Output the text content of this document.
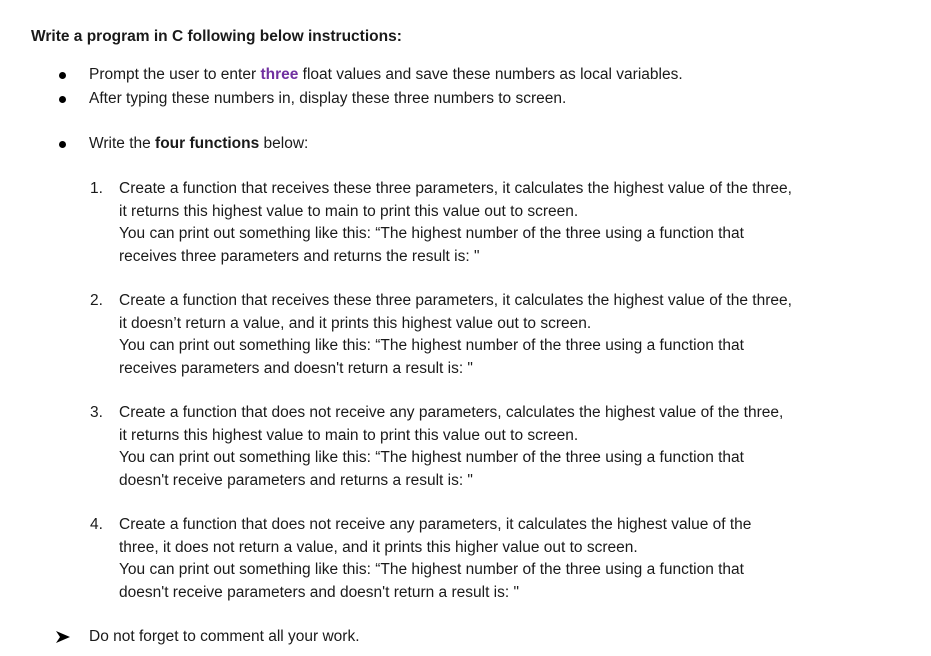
Write a program in C following below instructions:
Prompt the user to enter three float values and save these numbers as local variables.
After typing these numbers in, display these three numbers to screen.
Write the four functions below:
1. Create a function that receives these three parameters, it calculates the highest value of the three,
it returns this highest value to main to print this value out to screen.
You can print out something like this: “The highest number of the three using a function that
receives three parameters and returns the result is: "
2. Create a function that receives these three parameters, it calculates the highest value of the three,
it doesn’t return a value, and it prints this highest value out to screen.
You can print out something like this: “The highest number of the three using a function that
receives parameters and doesn't return a result is: "
3. Create a function that does not receive any parameters, calculates the highest value of the three,
it returns this highest value to main to print this value out to screen.
You can print out something like this: “The highest number of the three using a function that
doesn't receive parameters and returns a result is: "
4. Create a function that does not receive any parameters, it calculates the highest value of the
three, it does not return a value, and it prints this higher value out to screen.
You can print out something like this: “The highest number of the three using a function that
doesn't receive parameters and doesn't return a result is: "
Do not forget to comment all your work.
